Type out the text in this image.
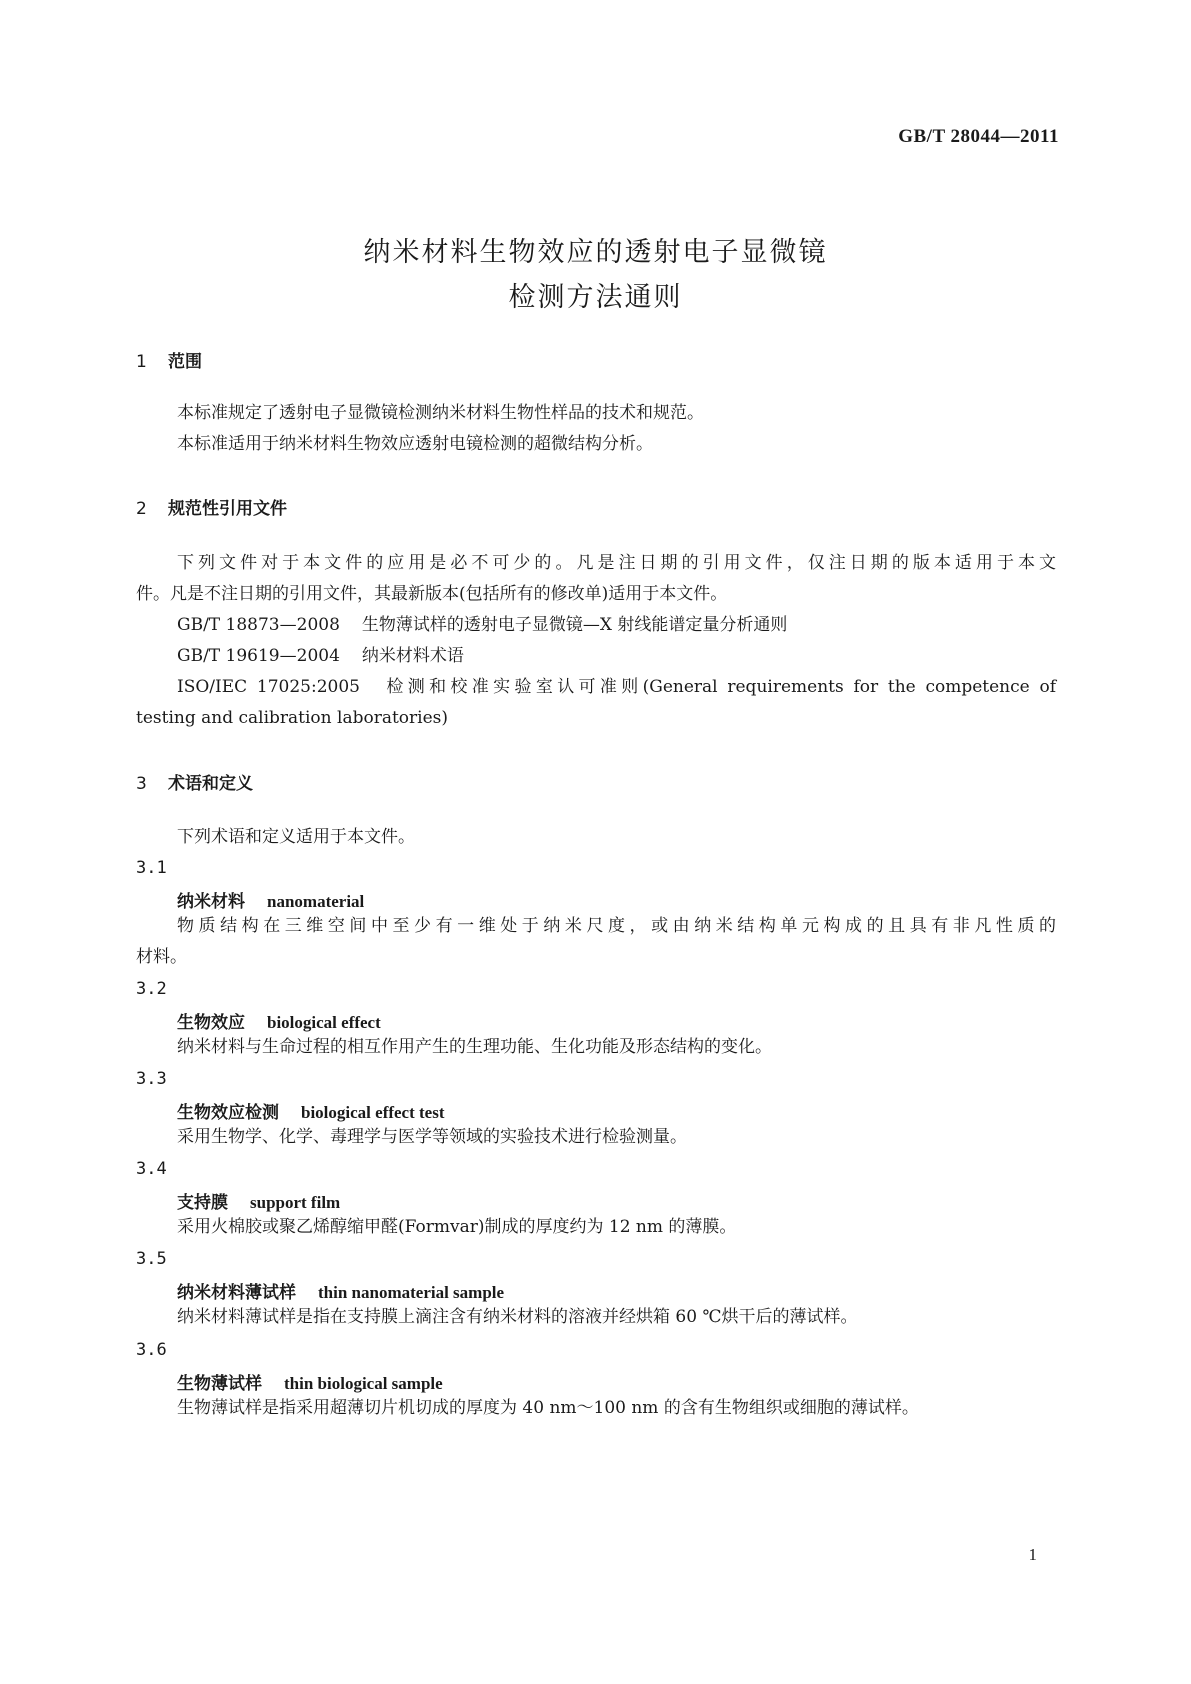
GB/T 28044—2011
纳米材料生物效应的透射电子显微镜
检测方法通则
1 范围
本标准规定了透射电子显微镜检测纳米材料生物性样品的技术和规范。
本标准适用于纳米材料生物效应透射电镜检测的超微结构分析。
2 规范性引用文件
下列文件对于本文件的应用是必不可少的。凡是注日期的引用文件，仅注日期的版本适用于本文
件。凡是不注日期的引用文件，其最新版本(包括所有的修改单)适用于本文件。
GB/T 18873—2008 生物薄试样的透射电子显微镜—X 射线能谱定量分析通则
GB/T 19619—2004 纳米材料术语
ISO/IEC 17025:2005 检测和校准实验室认可准则(General requirements for the competence of
testing and calibration laboratories)
3 术语和定义
下列术语和定义适用于本文件。
3.1
纳米材料 nanomaterial
物质结构在三维空间中至少有一维处于纳米尺度，或由纳米结构单元构成的且具有非凡性质的
材料。
3.2
生物效应 biological effect
纳米材料与生命过程的相互作用产生的生理功能、生化功能及形态结构的变化。
3.3
生物效应检测 biological effect test
采用生物学、化学、毒理学与医学等领域的实验技术进行检验测量。
3.4
支持膜 support film
采用火棉胶或聚乙烯醇缩甲醛(Formvar)制成的厚度约为 12 nm 的薄膜。
3.5
纳米材料薄试样 thin nanomaterial sample
纳米材料薄试样是指在支持膜上滴注含有纳米材料的溶液并经烘箱 60 ℃烘干后的薄试样。
3.6
生物薄试样 thin biological sample
生物薄试样是指采用超薄切片机切成的厚度为 40 nm～100 nm 的含有生物组织或细胞的薄试样。
1
